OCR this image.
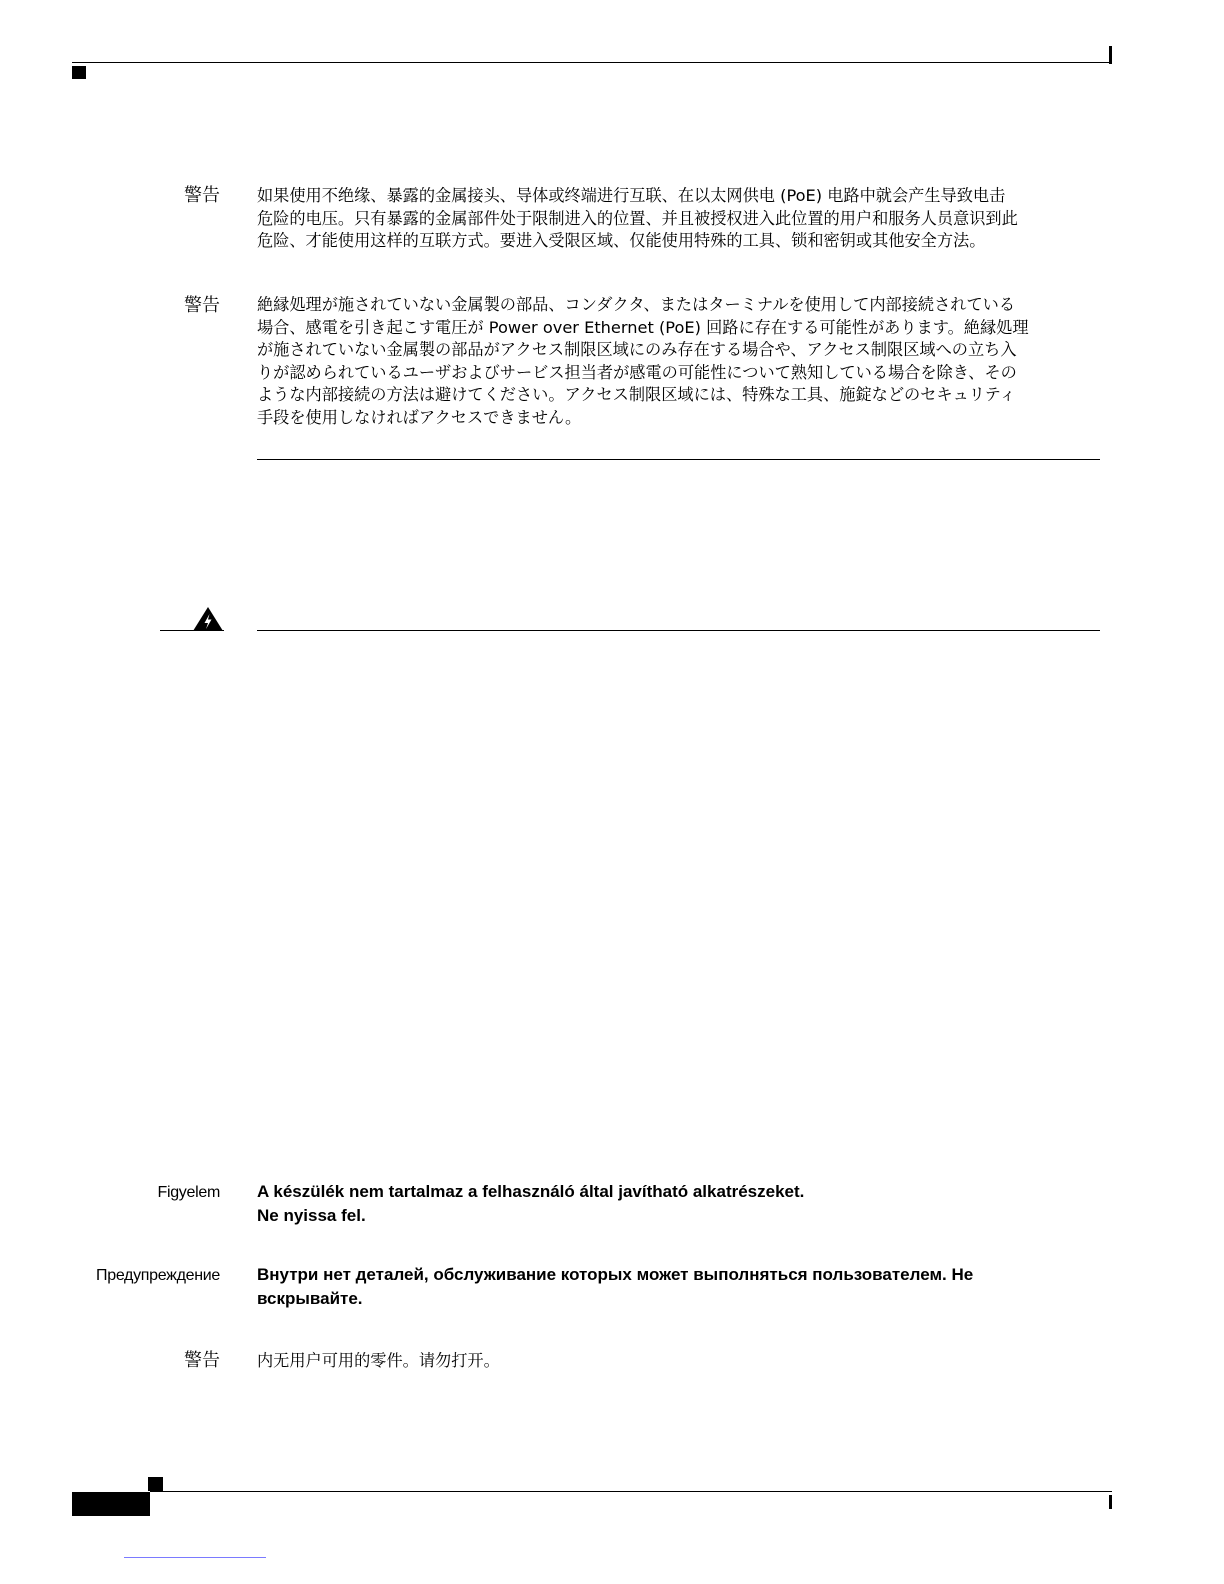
警告 如果使用不绝缘、暴露的金属接头、导体或终端进行互联、在以太网供电 (PoE) 电路中就会产生导致电击
危险的电压。只有暴露的金属部件处于限制进入的位置、并且被授权进入此位置的用户和服务人员意识到此
危险、才能使用这样的互联方式。要进入受限区域、仅能使用特殊的工具、锁和密钥或其他安全方法。
警告 絶縁処理が施されていない金属製の部品、コンダクタ、またはターミナルを使用して内部接続されている
場合、感電を引き起こす電圧が Power over Ethernet (PoE) 回路に存在する可能性があります。絶縁処理
が施されていない金属製の部品がアクセス制限区域にのみ存在する場合や、アクセス制限区域への立ち入
りが認められているユーザおよびサービス担当者が感電の可能性について熟知している場合を除き、その
ような内部接続の方法は避けてください。アクセス制限区域には、特殊な工具、施錠などのセキュリティ
手段を使用しなければアクセスできません。
Figyelem A készülék nem tartalmaz a felhasználó által javítható alkatrészeket.
Ne nyissa fel.
Предупреждение Внутри нет деталей, обслуживание которых может выполняться пользователем. Не
вскрывайте.
警告 内无用户可用的零件。请勿打开。
